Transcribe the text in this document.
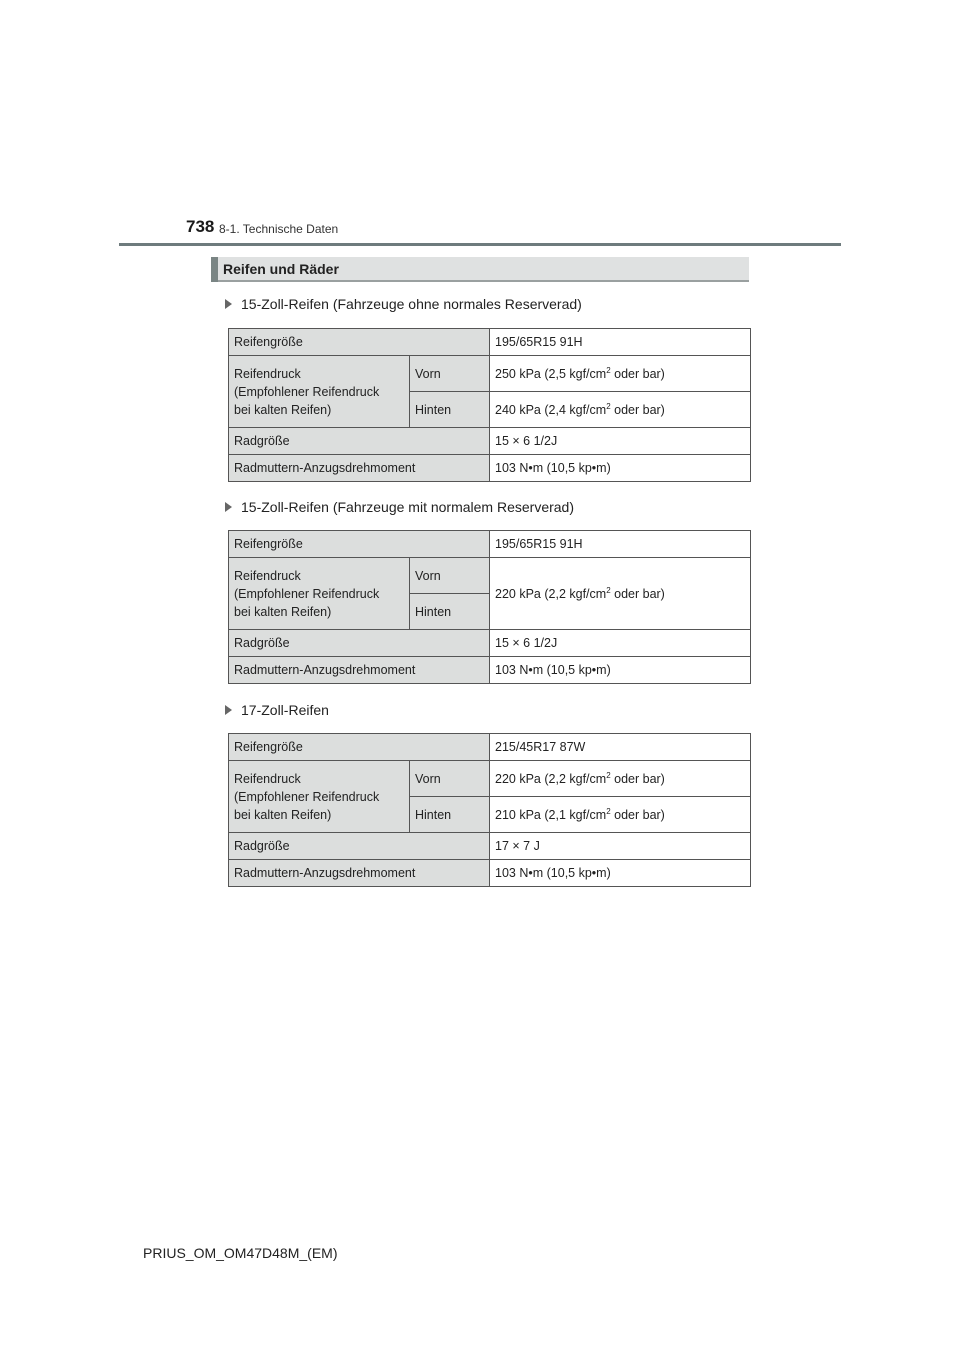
738 8-1. Technische Daten
Reifen und Räder
15-Zoll-Reifen (Fahrzeuge ohne normales Reserverad)
Reifengröße		195/65R15 91H

Reifendruck
(Empfohlener Reifendruck
bei kalten Reifen)	Vorn	250 kPa (2,5 kgf/$cm^2$ oder bar)
	Hinten	240 kPa (2,4 kgf/$cm^2$ oder bar)
Radgröße		15 × 6 1/2J
Radmuttern-Anzugsdrehmoment		103 N•m (10,5 kp•m)
15-Zoll-Reifen (Fahrzeuge mit normalem Reserverad)
Reifengröße		195/65R15 91H

Reifendruck
(Empfohlener Reifendruck
bei kalten Reifen)	Vorn	220 kPa (2,2 kgf/$cm^2$ oder bar)
	Hinten	
Radgröße		15 × 6 1/2J
Radmuttern-Anzugsdrehmoment		103 N•m (10,5 kp•m)
17-Zoll-Reifen
Reifengröße		215/45R17 87W

Reifendruck
(Empfohlener Reifendruck
bei kalten Reifen)	Vorn	220 kPa (2,2 kgf/$cm^2$ oder bar)
	Hinten	210 kPa (2,1 kgf/$cm^2$ oder bar)
Radgröße		17 × 7 J
Radmuttern-Anzugsdrehmoment		103 N•m (10,5 kp•m)
PRIUS_OM_OM47D48M_(EM)
